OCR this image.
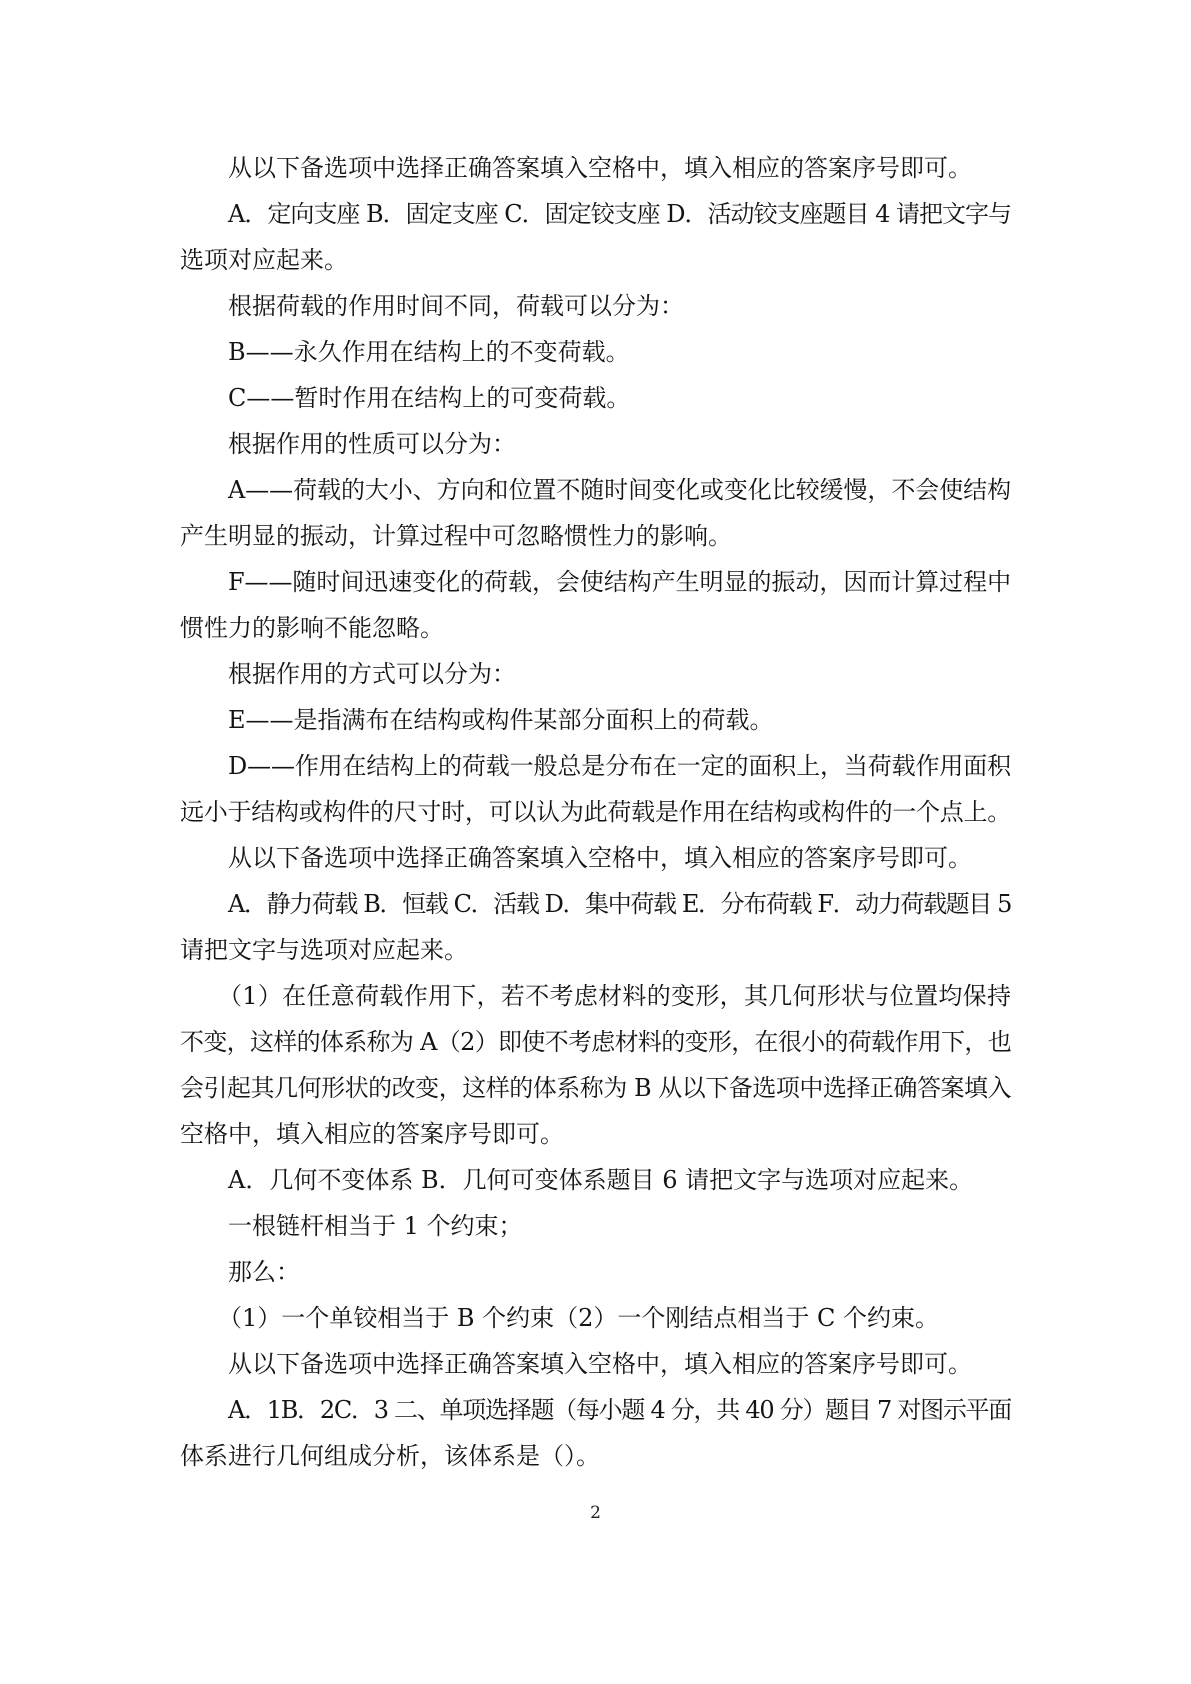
从以下备选项中选择正确答案填入空格中，填入相应的答案序号即可。
A．定向支座 B．固定支座 C．固定铰支座 D．活动铰支座题目 4 请把文字与
选项对应起来。
根据荷载的作用时间不同，荷载可以分为：
B——永久作用在结构上的不变荷载。
C——暂时作用在结构上的可变荷载。
根据作用的性质可以分为：
A——荷载的大小、方向和位置不随时间变化或变化比较缓慢，不会使结构
产生明显的振动，计算过程中可忽略惯性力的影响。
F——随时间迅速变化的荷载，会使结构产生明显的振动，因而计算过程中
惯性力的影响不能忽略。
根据作用的方式可以分为：
E——是指满布在结构或构件某部分面积上的荷载。
D——作用在结构上的荷载一般总是分布在一定的面积上，当荷载作用面积
远小于结构或构件的尺寸时，可以认为此荷载是作用在结构或构件的一个点上。
从以下备选项中选择正确答案填入空格中，填入相应的答案序号即可。
A．静力荷载 B．恒载 C．活载 D．集中荷载 E．分布荷载 F．动力荷载题目 5
请把文字与选项对应起来。
（1）在任意荷载作用下，若不考虑材料的变形，其几何形状与位置均保持
不变，这样的体系称为 A（2）即使不考虑材料的变形，在很小的荷载作用下，也
会引起其几何形状的改变，这样的体系称为 B 从以下备选项中选择正确答案填入
空格中，填入相应的答案序号即可。
A．几何不变体系 B．几何可变体系题目 6 请把文字与选项对应起来。
一根链杆相当于 1 个约束；
那么：
（1）一个单铰相当于 B 个约束（2）一个刚结点相当于 C 个约束。
从以下备选项中选择正确答案填入空格中，填入相应的答案序号即可。
A．1B．2C．3 二、单项选择题（每小题 4 分，共 40 分）题目 7 对图示平面
体系进行几何组成分析，该体系是（）。
2
